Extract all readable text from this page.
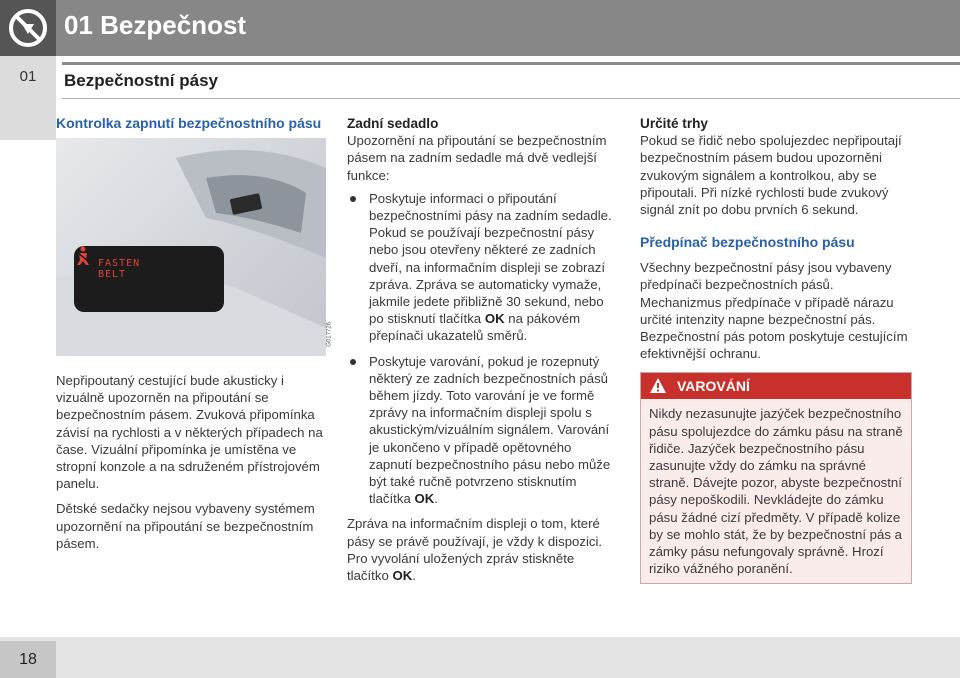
01 Bezpečnost
01	Bezpečnostní pásy

Kontrolka zapnutí bezpečnostního pásu

FASTEN
BELT
G017726

Nepřipoutaný cestující bude akusticky i vizuálně upozorněn na připoutání se bezpečnostním pásem. Zvuková připomínka závisí na rychlosti a v některých případech na čase. Vizuální připomínka je umístěna ve stropní konzole a na sdruženém přístrojovém panelu.

Dětské sedačky nejsou vybaveny systémem upozornění na připoutání se bezpečnostním pásem.

Zadní sedadlo

Upozornění na připoutání se bezpečnostním pásem na zadním sedadle má dvě vedlejší funkce:

Poskytuje informaci o připoutání bezpečnostními pásy na zadním sedadle. Pokud se používají bezpečnostní pásy nebo jsou otevřeny některé ze zadních dveří, na informačním displeji se zobrazí zpráva. Zpráva se automaticky vymaže, jakmile jedete přibližně 30 sekund, nebo po stisknutí tlačítka OK na pákovém přepínači ukazatelů směrů.
Poskytuje varování, pokud je rozepnutý některý ze zadních bezpečnostních pásů během jízdy. Toto varování je ve formě zprávy na informačním displeji spolu s akustickým/vizuálním signálem. Varování je ukončeno v případě opětovného zapnutí bezpečnostního pásu nebo může být také ručně potvrzeno stisknutím tlačítka OK.

Zpráva na informačním displeji o tom, které pásy se právě používají, je vždy k dispozici. Pro vyvolání uložených zpráv stiskněte tlačítko OK.

Určité trhy

Pokud se řidič nebo spolujezdec nepřipoutají bezpečnostním pásem budou upozorněni zvukovým signálem a kontrolkou, aby se připoutali. Při nízké rychlosti bude zvukový signál znít po dobu prvních 6 sekund.

Předpínač bezpečnostního pásu

Všechny bezpečnostní pásy jsou vybaveny předpínači bezpečnostních pásů. Mechanizmus předpínače v případě nárazu určité intenzity napne bezpečnostní pás. Bezpečnostní pás potom poskytuje cestujícím efektivnější ochranu.

VAROVÁNÍ
Nikdy nezasunujte jazýček bezpečnostního pásu spolujezdce do zámku pásu na straně řidiče. Jazýček bezpečnostního pásu zasunujte vždy do zámku na správné straně. Dávejte pozor, abyste bezpečnostní pásy nepoškodili. Nevkládejte do zámku pásu žádné cizí předměty. V případě kolize by se mohlo stát, že by bezpečnostní pás a zámky pásu nefungovaly správně. Hrozí riziko vážného poranění.
18
